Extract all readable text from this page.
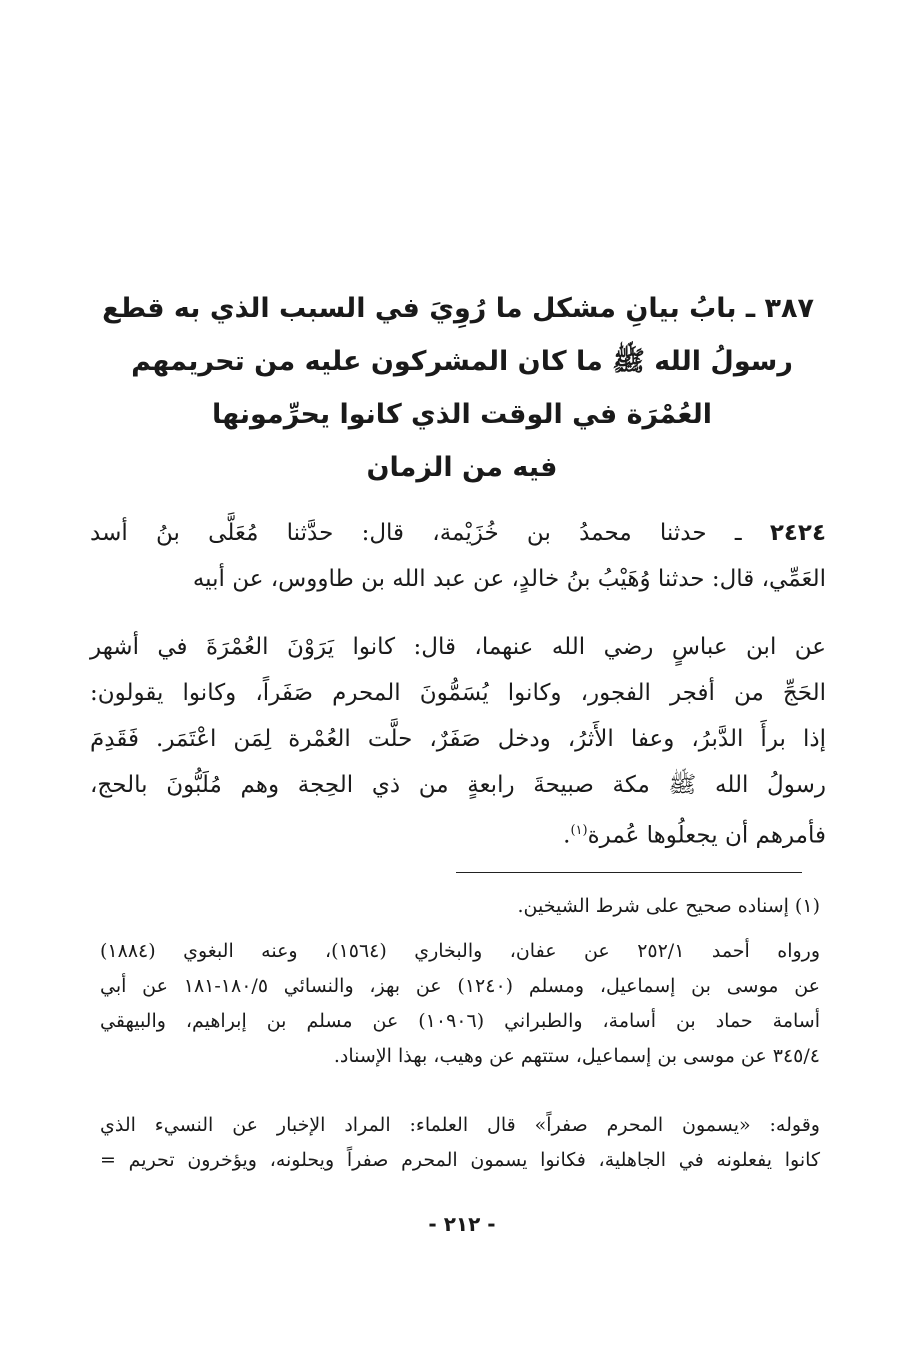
٣٨٧ ـ بابُ بيانِ مشكل ما رُوِيَ في السبب الذي به قطع
رسولُ الله ﷺ ما كان المشركون عليه من تحريمهم
العُمْرَة في الوقت الذي كانوا يحرِّمونها
فيه من الزمان
٢٤٢٤ ـ حدثنا محمدُ بن خُزَيْمة، قال: حدَّثنا مُعَلَّى بنُ أسد
العَمِّي، قال: حدثنا وُهَيْبُ بنُ خالدٍ، عن عبد الله بن طاووس، عن أبيه
عن ابن عباسٍ رضي الله عنهما، قال: كانوا يَرَوْنَ العُمْرَةَ في أشهر
الحَجِّ من أفجر الفجور، وكانوا يُسَمُّونَ المحرم صَفَراً، وكانوا يقولون:
إذا برأَ الدَّبرُ، وعفا الأَثرُ، ودخل صَفَرٌ، حلَّت العُمْرة لِمَن اعْتَمَر. فَقَدِمَ
رسولُ الله ﷺ مكة صبيحةَ رابعةٍ من ذي الحِجة وهم مُلَبُّونَ بالحج،
فأمرهم أن يجعلُوها عُمرة$^{(١)}$.
(١) إسناده صحيح على شرط الشيخين.
ورواه أحمد ٢٥٢/١ عن عفان، والبخاري (١٥٦٤)، وعنه البغوي (١٨٨٤)
عن موسى بن إسماعيل، ومسلم (١٢٤٠) عن بهز، والنسائي ١٨٠/٥-١٨١ عن أبي
أسامة حماد بن أسامة، والطبراني (١٠٩٠٦) عن مسلم بن إبراهيم، والبيهقي
٣٤٥/٤ عن موسى بن إسماعيل، ستتهم عن وهيب، بهذا الإسناد.
وقوله: «يسمون المحرم صفراً» قال العلماء: المراد الإخبار عن النسيء الذي
كانوا يفعلونه في الجاهلية، فكانوا يسمون المحرم صفراً ويحلونه، ويؤخرون تحريم =
- ٢١٢ -
